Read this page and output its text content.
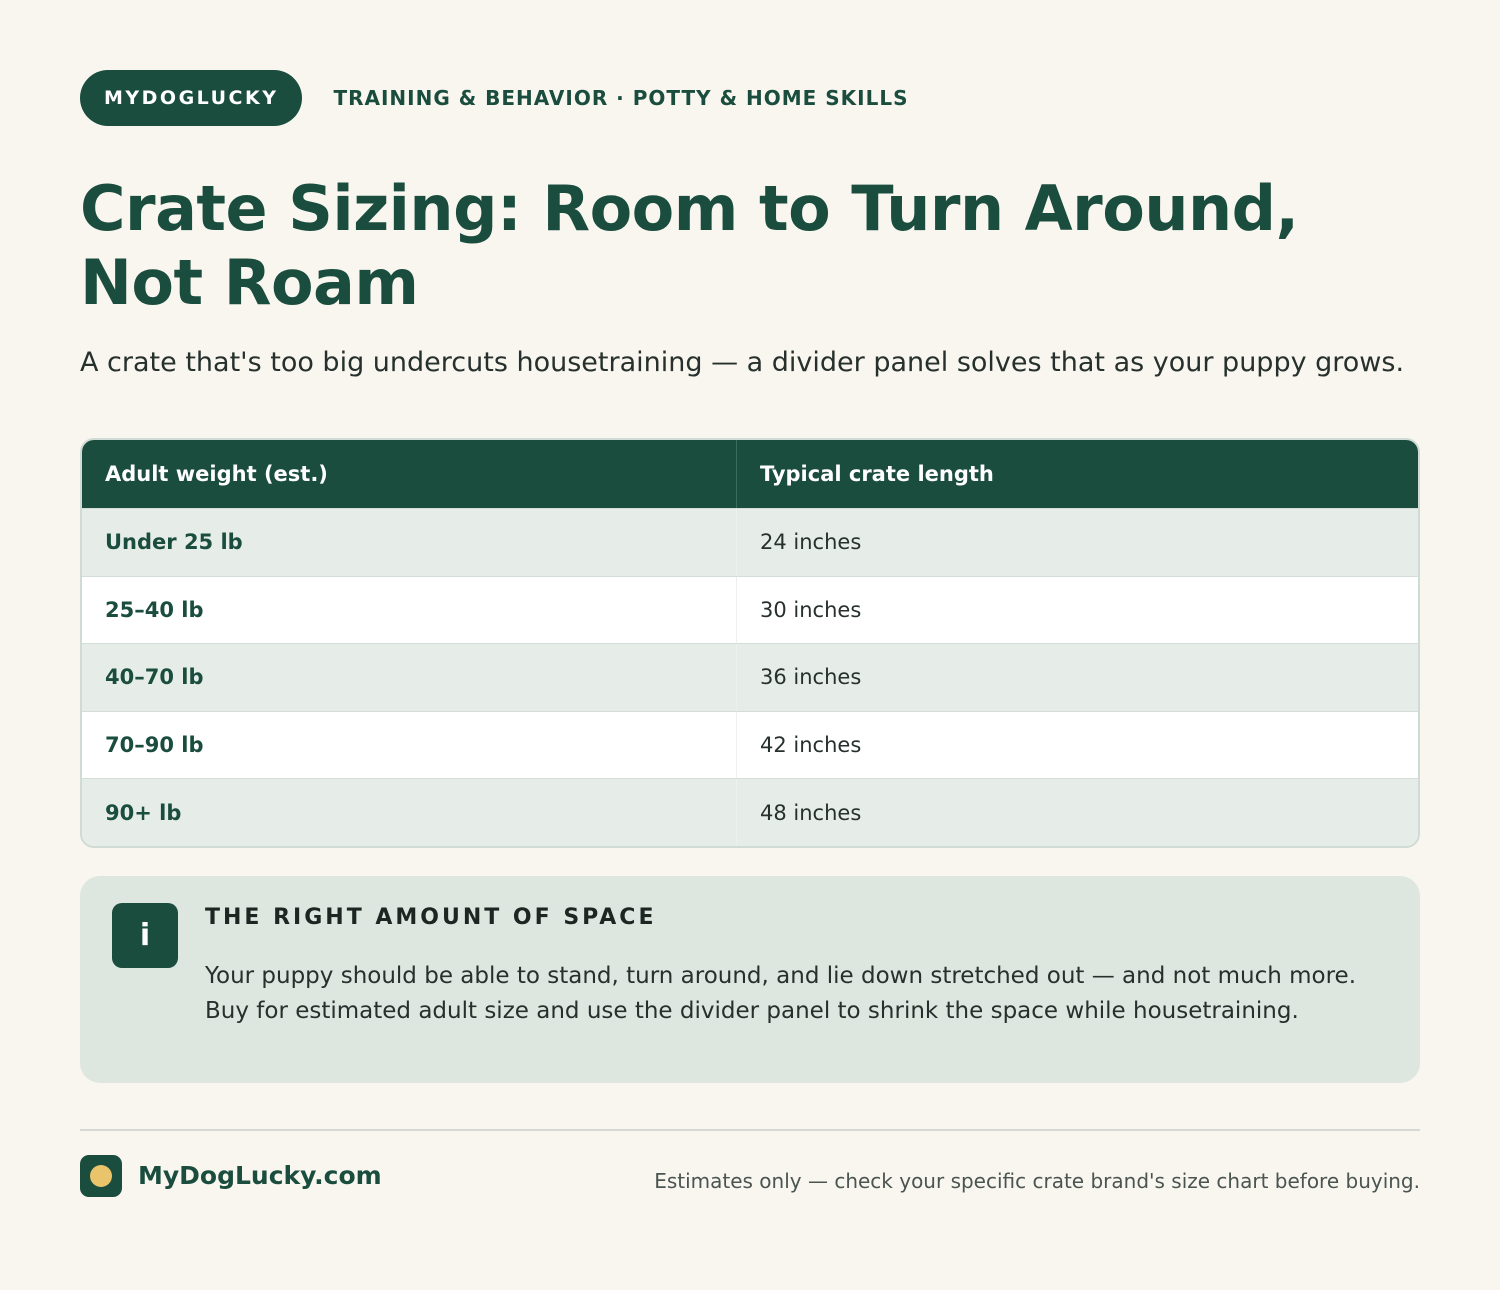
MYDOGLUCKY	TRAINING & BEHAVIOR · POTTY & HOME SKILLS
Crate Sizing: Room to Turn Around, Not Roam

A crate that's too big undercuts housetraining — a divider panel solves that as your puppy grows.

Adult weight (est.)	Typical crate length
Under 25 lb	24 inches
25–40 lb	30 inches
40–70 lb	36 inches
70–90 lb	42 inches
90+ lb	48 inches
i
THE RIGHT AMOUNT OF SPACE

Your puppy should be able to stand, turn around, and lie down stretched out — and not much more. Buy for estimated adult size and use the divider panel to shrink the space while housetraining.

MyDogLucky.com	Estimates only — check your specific crate brand's size chart before buying.
